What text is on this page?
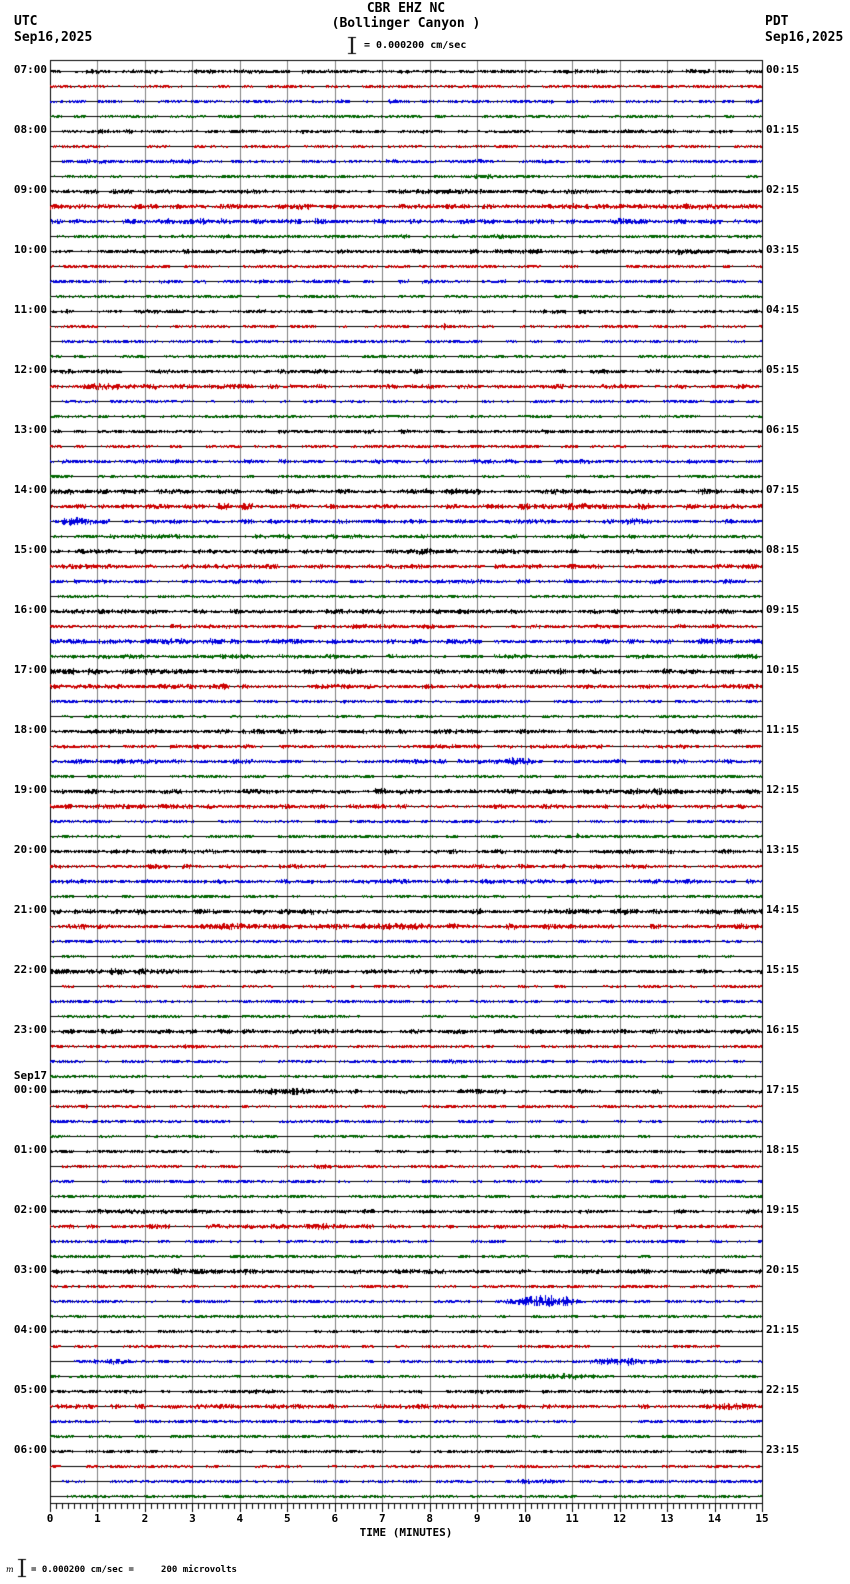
CBR EHZ NC
(Bollinger Canyon )
= 0.000200 cm/sec
UTC
Sep16,2025
PDT
Sep16,2025
07:00
08:00
09:00
10:00
11:00
12:00
13:00
14:00
15:00
16:00
17:00
18:00
19:00
20:00
21:00
22:00
23:00
Sep17
00:00
01:00
02:00
03:00
04:00
05:00
06:00
00:15
01:15
02:15
03:15
04:15
05:15
06:15
07:15
08:15
09:15
10:15
11:15
12:15
13:15
14:15
15:15
16:15
17:15
18:15
19:15
20:15
21:15
22:15
23:15
0	1	2	3	4	5	6	7	8	9	10	11	12	13	14	15
TIME (MINUTES)
m = 0.000200 cm/sec =     200 microvolts
